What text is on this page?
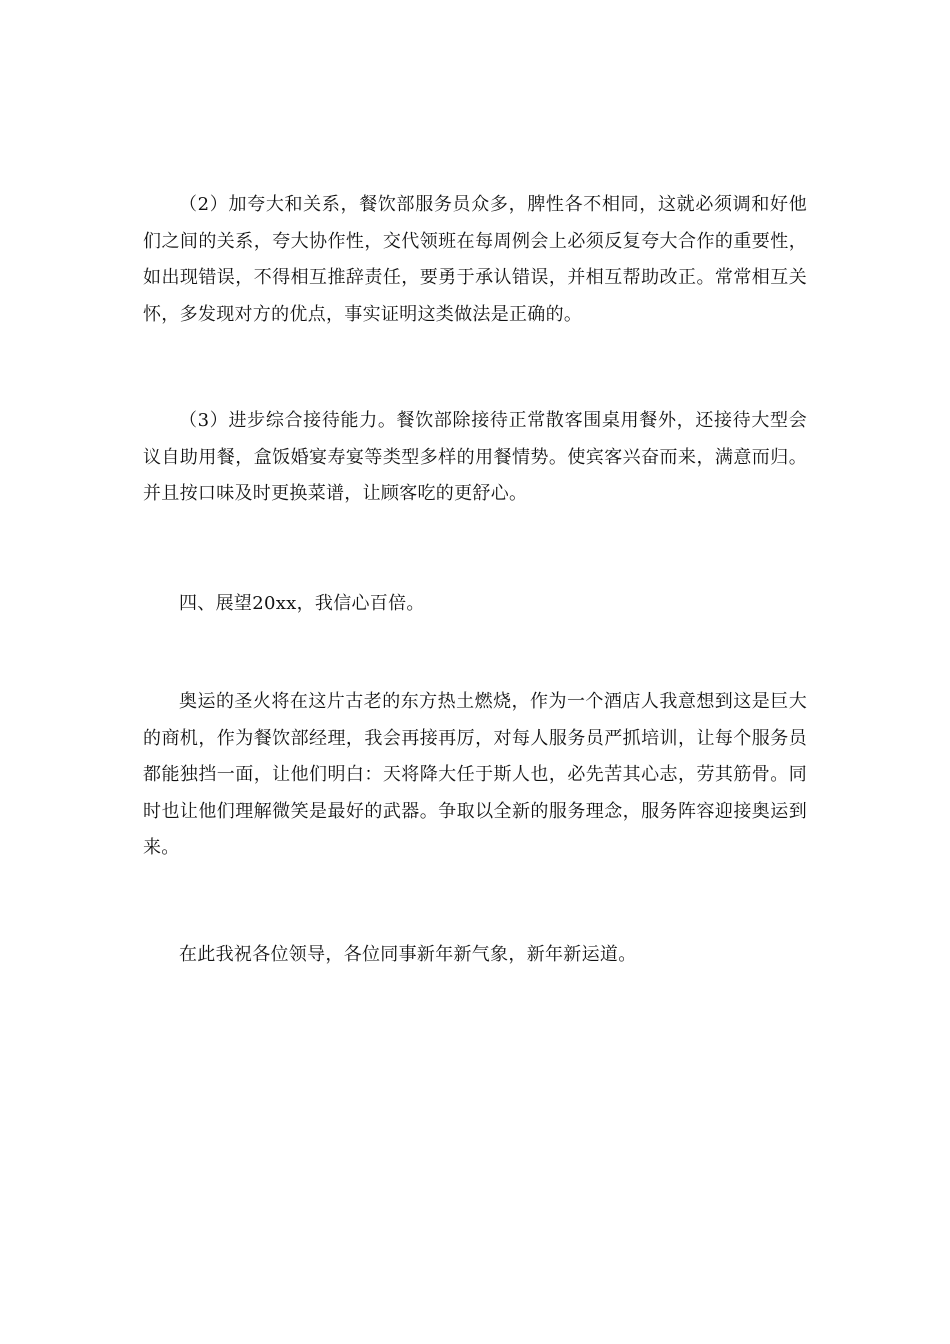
（2）加夸大和关系，餐饮部服务员众多，脾性各不相同，这就必须调和好他们之间的关系，夸大协作性，交代领班在每周例会上必须反复夸大合作的重要性，如出现错误，不得相互推辞责任，要勇于承认错误，并相互帮助改正。常常相互关怀，多发现对方的优点，事实证明这类做法是正确的。

（3）进步综合接待能力。餐饮部除接待正常散客围桌用餐外，还接待大型会议自助用餐，盒饭婚宴寿宴等类型多样的用餐情势。使宾客兴奋而来，满意而归。并且按口味及时更换菜谱，让顾客吃的更舒心。

四、展望20xx，我信心百倍。

奥运的圣火将在这片古老的东方热土燃烧，作为一个酒店人我意想到这是巨大的商机，作为餐饮部经理，我会再接再厉，对每人服务员严抓培训，让每个服务员都能独挡一面，让他们明白：天将降大任于斯人也，必先苦其心志，劳其筋骨。同时也让他们理解微笑是最好的武器。争取以全新的服务理念，服务阵容迎接奥运到来。

在此我祝各位领导，各位同事新年新气象，新年新运道。
